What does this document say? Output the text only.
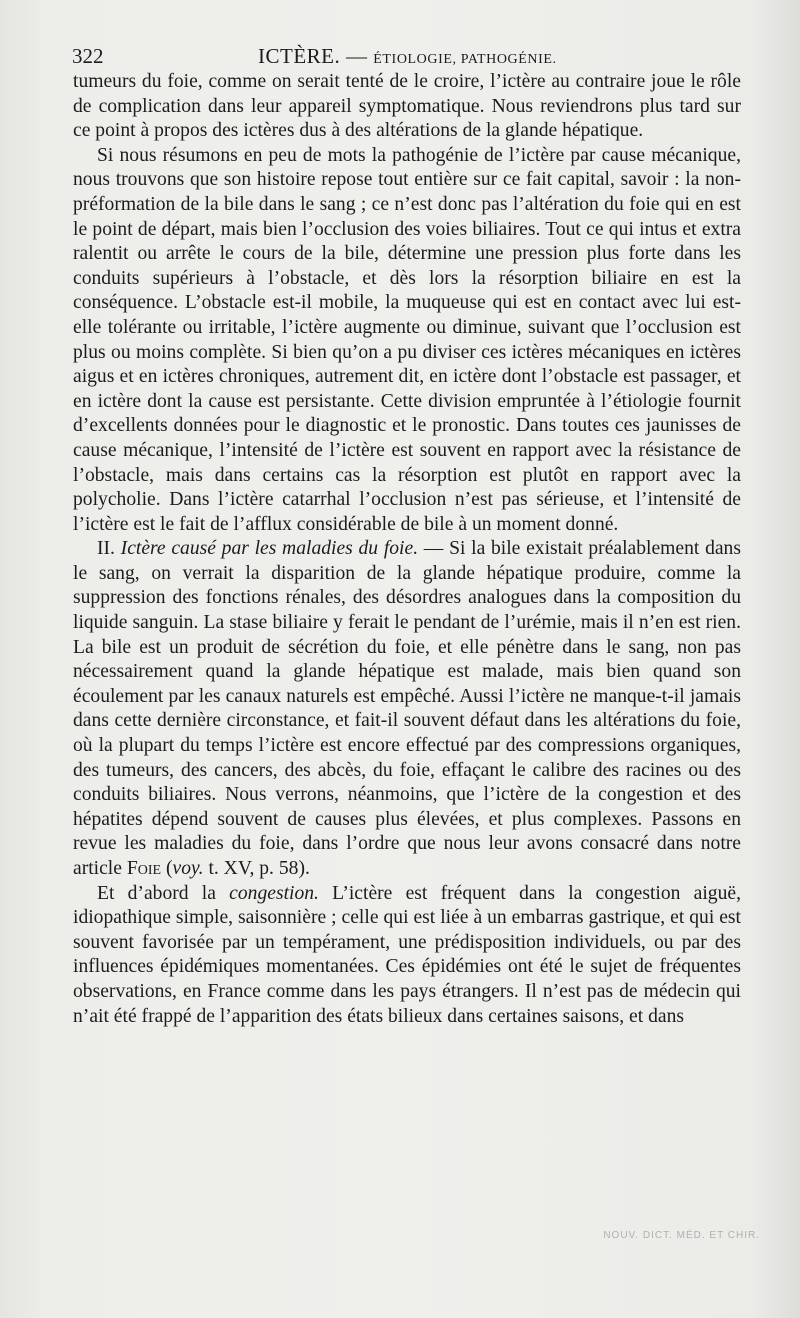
322	ICTÈRE. — ÉTIOLOGIE, PATHOGÉNIE.

tumeurs du foie, comme on serait tenté de le croire, l’ictère au contraire joue le rôle de complication dans leur appareil symptomatique. Nous reviendrons plus tard sur ce point à propos des ictères dus à des altérations de la glande hépatique.

Si nous résumons en peu de mots la pathogénie de l’ictère par cause mécanique, nous trouvons que son histoire repose tout entière sur ce fait capital, savoir : la non-préformation de la bile dans le sang ; ce n’est donc pas l’altération du foie qui en est le point de départ, mais bien l’occlusion des voies biliaires. Tout ce qui intus et extra ralentit ou arrête le cours de la bile, détermine une pression plus forte dans les conduits supérieurs à l’obstacle, et dès lors la résorption biliaire en est la conséquence. L’obstacle est-il mobile, la muqueuse qui est en contact avec lui est-elle tolérante ou irritable, l’ictère augmente ou diminue, suivant que l’occlusion est plus ou moins complète. Si bien qu’on a pu diviser ces ictères mécaniques en ictères aigus et en ictères chroniques, autrement dit, en ictère dont l’obstacle est passager, et en ictère dont la cause est persistante. Cette division empruntée à l’étiologie fournit d’excellents données pour le diagnostic et le pronostic. Dans toutes ces jaunisses de cause mécanique, l’intensité de l’ictère est souvent en rapport avec la résistance de l’obstacle, mais dans certains cas la résorption est plutôt en rapport avec la polycholie. Dans l’ictère catarrhal l’occlusion n’est pas sérieuse, et l’intensité de l’ictère est le fait de l’afflux considérable de bile à un moment donné.

II. Ictère causé par les maladies du foie. — Si la bile existait préalablement dans le sang, on verrait la disparition de la glande hépatique produire, comme la suppression des fonctions rénales, des désordres analogues dans la composition du liquide sanguin. La stase biliaire y ferait le pendant de l’urémie, mais il n’en est rien. La bile est un produit de sécrétion du foie, et elle pénètre dans le sang, non pas nécessairement quand la glande hépatique est malade, mais bien quand son écoulement par les canaux naturels est empêché. Aussi l’ictère ne manque-t-il jamais dans cette dernière circonstance, et fait-il souvent défaut dans les altérations du foie, où la plupart du temps l’ictère est encore effectué par des compressions organiques, des tumeurs, des cancers, des abcès, du foie, effaçant le calibre des racines ou des conduits biliaires. Nous verrons, néanmoins, que l’ictère de la congestion et des hépatites dépend souvent de causes plus élevées, et plus complexes. Passons en revue les maladies du foie, dans l’ordre que nous leur avons consacré dans notre article Foie (voy. t. XV, p. 58).

Et d’abord la congestion. L’ictère est fréquent dans la congestion aiguë, idiopathique simple, saisonnière ; celle qui est liée à un embarras gastrique, et qui est souvent favorisée par un tempérament, une prédisposition individuels, ou par des influences épidémiques momentanées. Ces épidémies ont été le sujet de fréquentes observations, en France comme dans les pays étrangers. Il n’est pas de médecin qui n’ait été frappé de l’apparition des états bilieux dans certaines saisons, et dans

NOUV. DICT. MÉD. ET CHIR.
